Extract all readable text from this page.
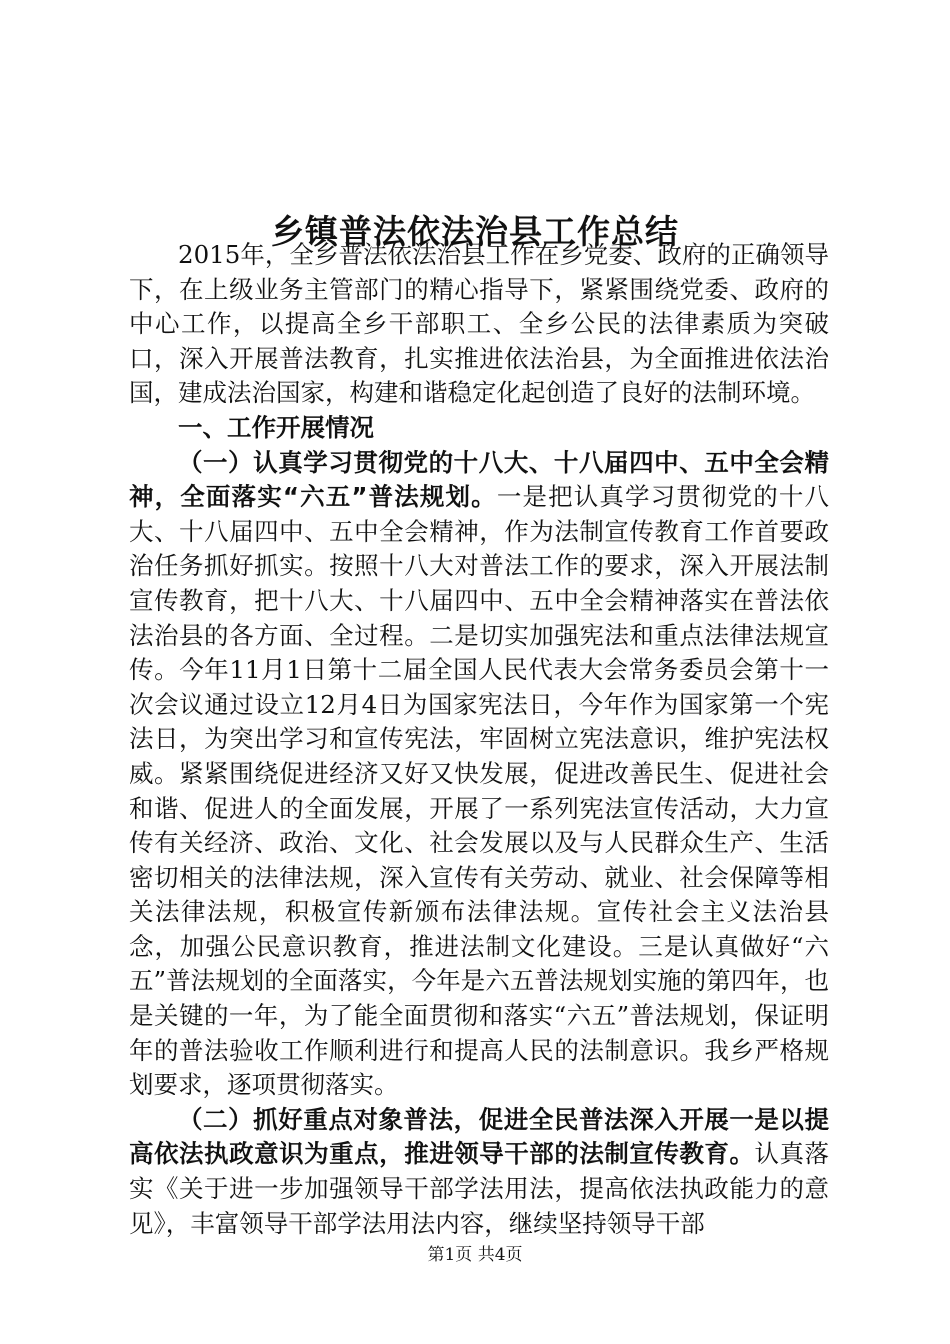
乡镇普法依法治县工作总结

2015年，全乡普法依法治县工作在乡党委、政府的正确领导下，在上级业务主管部门的精心指导下，紧紧围绕党委、政府的中心工作，以提高全乡干部职工、全乡公民的法律素质为突破口，深入开展普法教育，扎实推进依法治县，为全面推进依法治国，建成法治国家，构建和谐稳定化起创造了良好的法制环境。

一、工作开展情况

（一）认真学习贯彻党的十八大、十八届四中、五中全会精神，全面落实“六五”普法规划。一是把认真学习贯彻党的十八大、十八届四中、五中全会精神，作为法制宣传教育工作首要政治任务抓好抓实。按照十八大对普法工作的要求，深入开展法制宣传教育，把十八大、十八届四中、五中全会精神落实在普法依法治县的各方面、全过程。二是切实加强宪法和重点法律法规宣传。今年11月1日第十二届全国人民代表大会常务委员会第十一次会议通过设立12月4日为国家宪法日，今年作为国家第一个宪法日，为突出学习和宣传宪法，牢固树立宪法意识，维护宪法权威。紧紧围绕促进经济又好又快发展，促进改善民生、促进社会和谐、促进人的全面发展，开展了一系列宪法宣传活动，大力宣传有关经济、政治、文化、社会发展以及与人民群众生产、生活密切相关的法律法规，深入宣传有关劳动、就业、社会保障等相关法律法规，积极宣传新颁布法律法规。宣传社会主义法治县念，加强公民意识教育，推进法制文化建设。三是认真做好“六五”普法规划的全面落实，今年是六五普法规划实施的第四年，也是关键的一年，为了能全面贯彻和落实“六五”普法规划，保证明年的普法验收工作顺利进行和提高人民的法制意识。我乡严格规划要求，逐项贯彻落实。

（二）抓好重点对象普法，促进全民普法深入开展一是以提高依法执政意识为重点，推进领导干部的法制宣传教育。认真落实《关于进一步加强领导干部学法用法，提高依法执政能力的意见》，丰富领导干部学法用法内容，继续坚持领导干部

第1页 共4页
